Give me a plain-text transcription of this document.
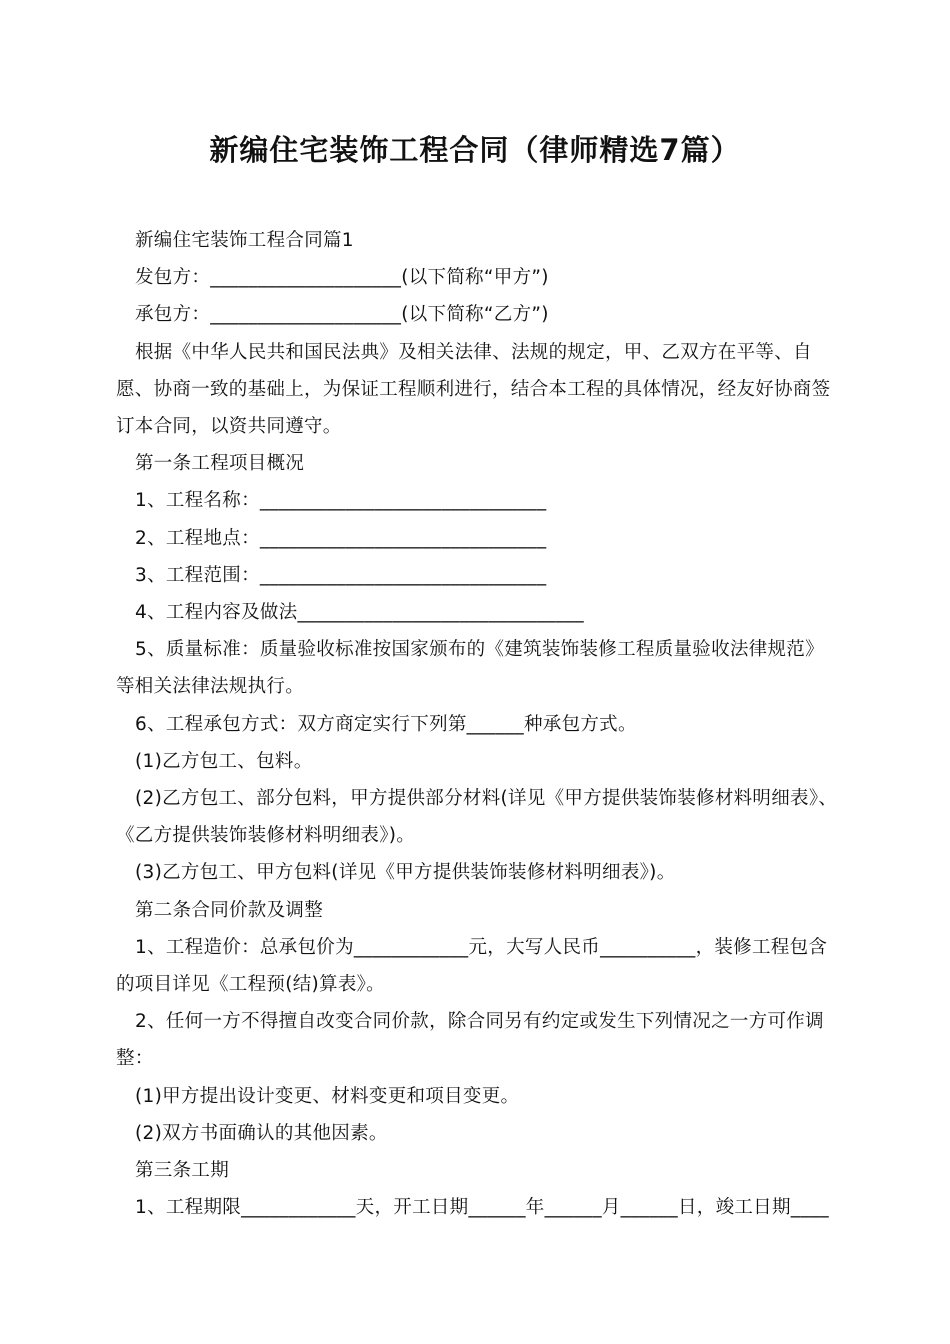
新编住宅装饰工程合同（律师精选7篇）

新编住宅装饰工程合同篇1

发包方：____________________(以下简称“甲方”)

承包方：____________________(以下简称“乙方”)

根据《中华人民共和国民法典》及相关法律、法规的规定，甲、乙双方在平等、自愿、协商一致的基础上，为保证工程顺利进行，结合本工程的具体情况，经友好协商签订本合同，以资共同遵守。

第一条工程项目概况

1、工程名称：______________________________

2、工程地点：______________________________

3、工程范围：______________________________

4、工程内容及做法______________________________

5、质量标准：质量验收标准按国家颁布的《建筑装饰装修工程质量验收法律规范》等相关法律法规执行。

6、工程承包方式：双方商定实行下列第______种承包方式。

(1)乙方包工、包料。

(2)乙方包工、部分包料，甲方提供部分材料(详见《甲方提供装饰装修材料明细表》、《乙方提供装饰装修材料明细表》)。

(3)乙方包工、甲方包料(详见《甲方提供装饰装修材料明细表》)。

第二条合同价款及调整

1、工程造价：总承包价为____________元，大写人民币__________，装修工程包含的项目详见《工程预(结)算表》。

2、任何一方不得擅自改变合同价款，除合同另有约定或发生下列情况之一方可作调整：

(1)甲方提出设计变更、材料变更和项目变更。

(2)双方书面确认的其他因素。

第三条工期

1、工程期限____________天，开工日期______年______月______日，竣工日期____
